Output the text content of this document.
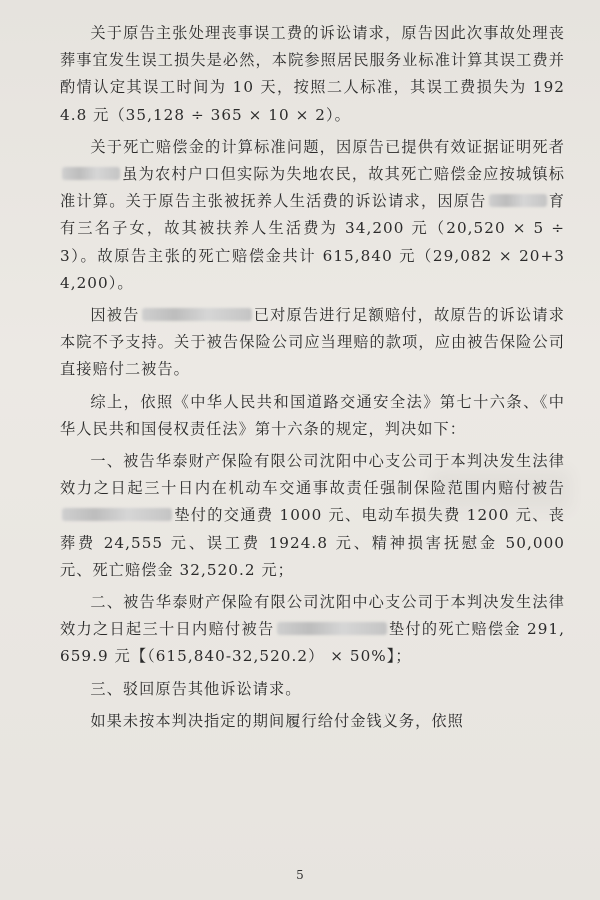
关于原告主张处理丧事误工费的诉讼请求，原告因此次事故处理丧葬事宜发生误工损失是必然，本院参照居民服务业标准计算其误工费并酌情认定其误工时间为 10 天，按照二人标准，其误工费损失为 1924.8 元（35,128 ÷ 365 × 10 × 2）。

关于死亡赔偿金的计算标准问题，因原告已提供有效证据证明死者虽为农村户口但实际为失地农民，故其死亡赔偿金应按城镇标准计算。关于原告主张被抚养人生活费的诉讼请求，因原告	育有三名子女，故其被扶养人生活费为 34,200 元（20,520 × 5 ÷ 3）。故原告主张的死亡赔偿金共计 615,840 元（29,082 × 20+34,200）。

因被告	已对原告进行足额赔付，故原告的诉讼请求本院不予支持。关于被告保险公司应当理赔的款项，应由被告保险公司直接赔付二被告。

综上，依照《中华人民共和国道路交通安全法》第七十六条、《中华人民共和国侵权责任法》第十六条的规定，判决如下：

一、被告华泰财产保险有限公司沈阳中心支公司于本判决发生法律效力之日起三十日内在机动车交通事故责任强制保险范围内赔付被告垫付的交通费 1000 元、电动车损失费 1200 元、丧葬费 24,555 元、误工费 1924.8 元、精神损害抚慰金 50,000 元、死亡赔偿金 32,520.2 元；

二、被告华泰财产保险有限公司沈阳中心支公司于本判决发生法律效力之日起三十日内赔付被告	垫付的死亡赔偿金 291,659.9 元【（615,840-32,520.2） × 50%】；

三、驳回原告其他诉讼请求。

如果未按本判决指定的期间履行给付金钱义务，依照

5
